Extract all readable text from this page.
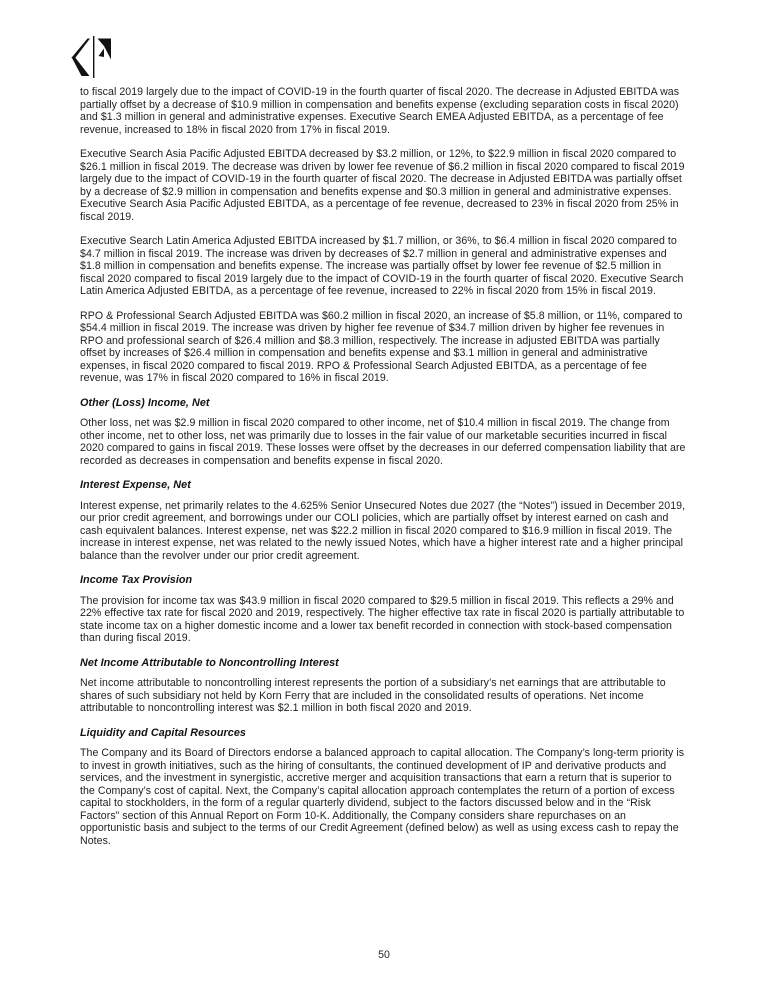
to fiscal 2019 largely due to the impact of COVID-19 in the fourth quarter of fiscal 2020. The decrease in Adjusted EBITDA was partially offset by a decrease of $10.9 million in compensation and benefits expense (excluding separation costs in fiscal 2020) and $1.3 million in general and administrative expenses. Executive Search EMEA Adjusted EBITDA, as a percentage of fee revenue, increased to 18% in fiscal 2020 from 17% in fiscal 2019.

Executive Search Asia Pacific Adjusted EBITDA decreased by $3.2 million, or 12%, to $22.9 million in fiscal 2020 compared to $26.1 million in fiscal 2019. The decrease was driven by lower fee revenue of $6.2 million in fiscal 2020 compared to fiscal 2019 largely due to the impact of COVID-19 in the fourth quarter of fiscal 2020. The decrease in Adjusted EBITDA was partially offset by a decrease of $2.9 million in compensation and benefits expense and $0.3 million in general and administrative expenses. Executive Search Asia Pacific Adjusted EBITDA, as a percentage of fee revenue, decreased to 23% in fiscal 2020 from 25% in fiscal 2019.

Executive Search Latin America Adjusted EBITDA increased by $1.7 million, or 36%, to $6.4 million in fiscal 2020 compared to $4.7 million in fiscal 2019. The increase was driven by decreases of $2.7 million in general and administrative expenses and $1.8 million in compensation and benefits expense. The increase was partially offset by lower fee revenue of $2.5 million in fiscal 2020 compared to fiscal 2019 largely due to the impact of COVID-19 in the fourth quarter of fiscal 2020. Executive Search Latin America Adjusted EBITDA, as a percentage of fee revenue, increased to 22% in fiscal 2020 from 15% in fiscal 2019.

RPO & Professional Search Adjusted EBITDA was $60.2 million in fiscal 2020, an increase of $5.8 million, or 11%, compared to $54.4 million in fiscal 2019. The increase was driven by higher fee revenue of $34.7 million driven by higher fee revenues in RPO and professional search of $26.4 million and $8.3 million, respectively. The increase in adjusted EBITDA was partially offset by increases of $26.4 million in compensation and benefits expense and $3.1 million in general and administrative expenses, in fiscal 2020 compared to fiscal 2019. RPO & Professional Search Adjusted EBITDA, as a percentage of fee revenue, was 17% in fiscal 2020 compared to 16% in fiscal 2019.

Other (Loss) Income, Net

Other loss, net was $2.9 million in fiscal 2020 compared to other income, net of $10.4 million in fiscal 2019. The change from other income, net to other loss, net was primarily due to losses in the fair value of our marketable securities incurred in fiscal 2020 compared to gains in fiscal 2019. These losses were offset by the decreases in our deferred compensation liability that are recorded as decreases in compensation and benefits expense in fiscal 2020.

Interest Expense, Net

Interest expense, net primarily relates to the 4.625% Senior Unsecured Notes due 2027 (the “Notes”) issued in December 2019, our prior credit agreement, and borrowings under our COLI policies, which are partially offset by interest earned on cash and cash equivalent balances. Interest expense, net was $22.2 million in fiscal 2020 compared to $16.9 million in fiscal 2019. The increase in interest expense, net was related to the newly issued Notes, which have a higher interest rate and a higher principal balance than the revolver under our prior credit agreement.

Income Tax Provision

The provision for income tax was $43.9 million in fiscal 2020 compared to $29.5 million in fiscal 2019. This reflects a 29% and 22% effective tax rate for fiscal 2020 and 2019, respectively. The higher effective tax rate in fiscal 2020 is partially attributable to state income tax on a higher domestic income and a lower tax benefit recorded in connection with stock-based compensation than during fiscal 2019.

Net Income Attributable to Noncontrolling Interest

Net income attributable to noncontrolling interest represents the portion of a subsidiary’s net earnings that are attributable to shares of such subsidiary not held by Korn Ferry that are included in the consolidated results of operations. Net income attributable to noncontrolling interest was $2.1 million in both fiscal 2020 and 2019.

Liquidity and Capital Resources

The Company and its Board of Directors endorse a balanced approach to capital allocation. The Company’s long-term priority is to invest in growth initiatives, such as the hiring of consultants, the continued development of IP and derivative products and services, and the investment in synergistic, accretive merger and acquisition transactions that earn a return that is superior to the Company’s cost of capital. Next, the Company’s capital allocation approach contemplates the return of a portion of excess capital to stockholders, in the form of a regular quarterly dividend, subject to the factors discussed below and in the “Risk Factors” section of this Annual Report on Form 10-K. Additionally, the Company considers share repurchases on an opportunistic basis and subject to the terms of our Credit Agreement (defined below) as well as using excess cash to repay the Notes.

50
